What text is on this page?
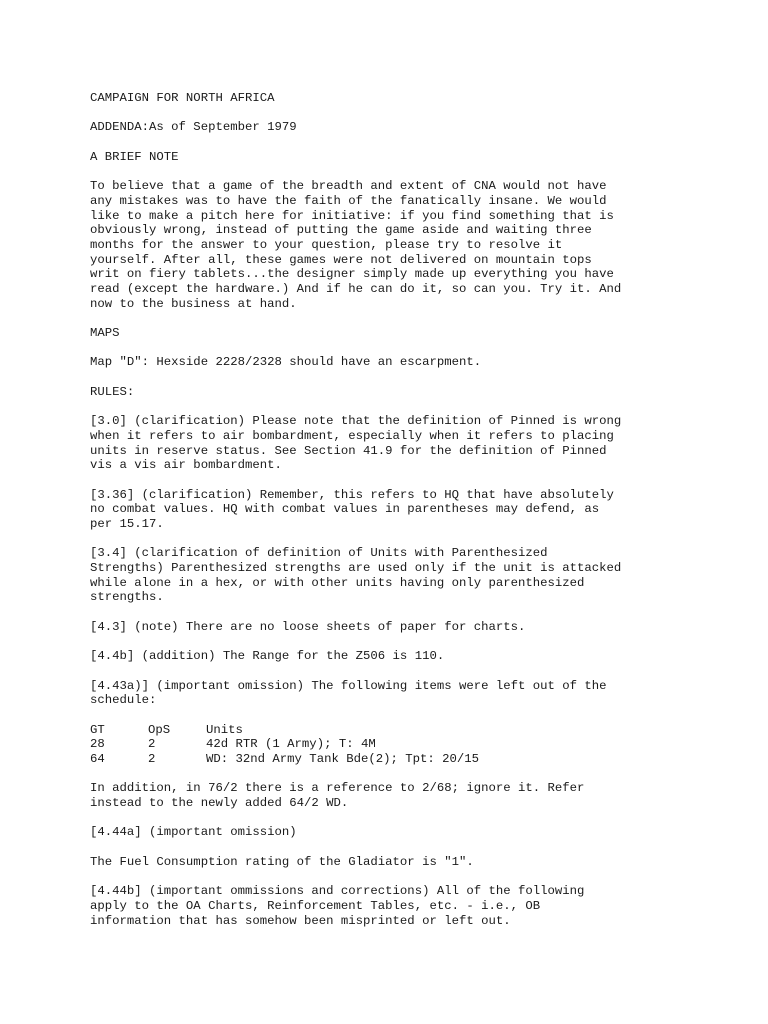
CAMPAIGN FOR NORTH AFRICA
ADDENDA:As of September 1979
A BRIEF NOTE
To believe that a game of the breadth and extent of CNA would not have
any mistakes was to have the faith of the fanatically insane. We would
like to make a pitch here for initiative: if you find something that is
obviously wrong, instead of putting the game aside and waiting three
months for the answer to your question, please try to resolve it
yourself. After all, these games were not delivered on mountain tops
writ on fiery tablets...the designer simply made up everything you have
read (except the hardware.) And if he can do it, so can you. Try it. And
now to the business at hand.
MAPS
Map "D": Hexside 2228/2328 should have an escarpment.
RULES:
[3.0] (clarification) Please note that the definition of Pinned is wrong
when it refers to air bombardment, especially when it refers to placing
units in reserve status. See Section 41.9 for the definition of Pinned
vis a vis air bombardment.
[3.36] (clarification) Remember, this refers to HQ that have absolutely
no combat values. HQ with combat values in parentheses may defend, as
per 15.17.
[3.4] (clarification of definition of Units with Parenthesized
Strengths) Parenthesized strengths are used only if the unit is attacked
while alone in a hex, or with other units having only parenthesized
strengths.
[4.3] (note) There are no loose sheets of paper for charts.
[4.4b] (addition) The Range for the Z506 is 110.
[4.43a)] (important omission) The following items were left out of the
schedule:
GT	OpS	Units
28	2	42d RTR (1 Army); T: 4M
64	2	WD: 32nd Army Tank Bde(2); Tpt: 20/15
In addition, in 76/2 there is a reference to 2/68; ignore it. Refer
instead to the newly added 64/2 WD.
[4.44a] (important omission)
The Fuel Consumption rating of the Gladiator is "1".
[4.44b] (important ommissions and corrections) All of the following
apply to the OA Charts, Reinforcement Tables, etc. - i.e., OB
information that has somehow been misprinted or left out.
